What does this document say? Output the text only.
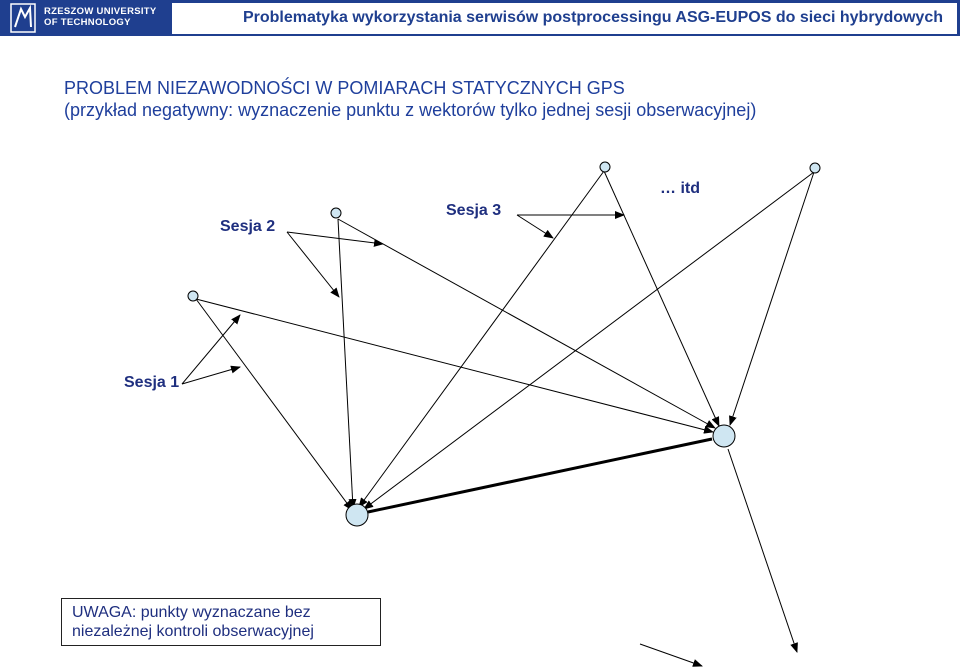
RZESZOW UNIVERSITY
OF TECHNOLOGY	Problematyka wykorzystania serwisów postprocessingu ASG-EUPOS do sieci hybrydowych
PROBLEM NIEZAWODNOŚCI W POMIARACH STATYCZNYCH GPS
(przykład negatywny: wyznaczenie punktu z wektorów tylko jednej sesji obserwacyjnej)
Sesja 2
Sesja 3
… itd
Sesja 1
UWAGA: punkty wyznaczane bez
niezależnej kontroli obserwacyjnej
